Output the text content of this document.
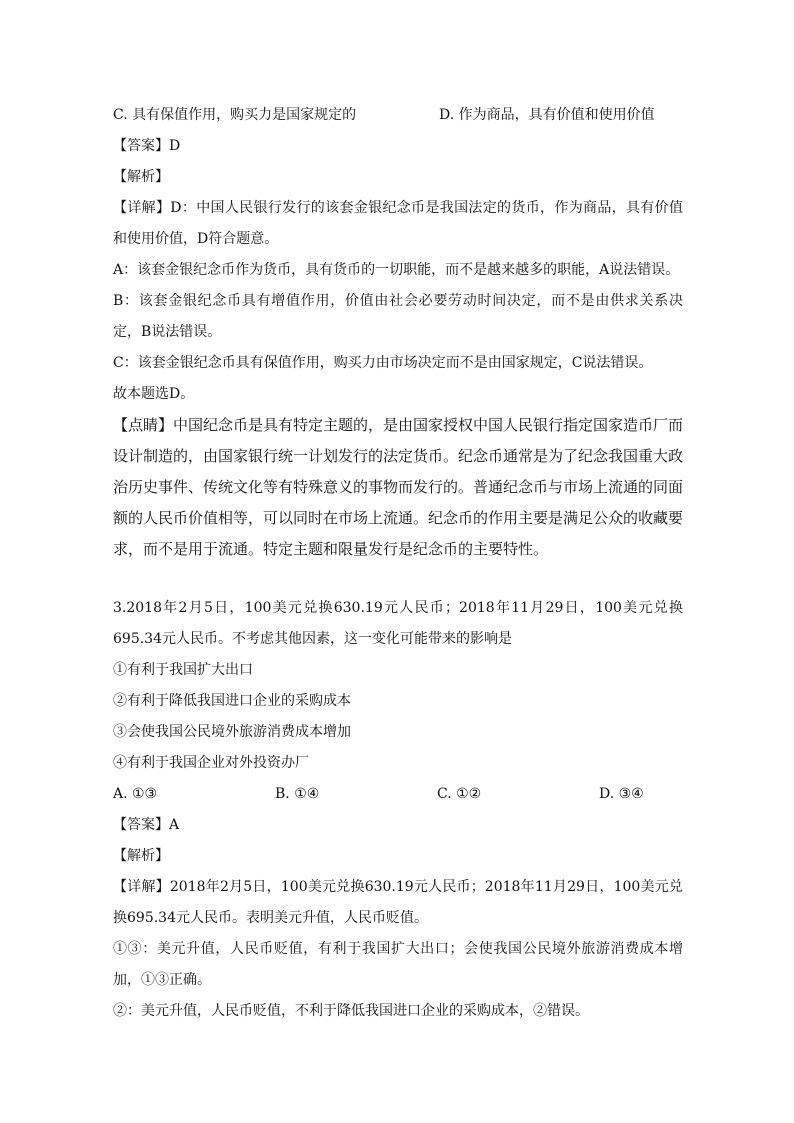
C. 具有保值作用，购买力是国家规定的	D. 作为商品，具有价值和使用价值

【答案】D

【解析】

【详解】D：中国人民银行发行的该套金银纪念币是我国法定的货币，作为商品，具有价值和使用价值，D符合题意。

A：该套金银纪念币作为货币，具有货币的一切职能，而不是越来越多的职能，A说法错误。

B：该套金银纪念币具有增值作用，价值由社会必要劳动时间决定，而不是由供求关系决定，B说法错误。

C：该套金银纪念币具有保值作用，购买力由市场决定而不是由国家规定，C说法错误。

故本题选D。

【点睛】中国纪念币是具有特定主题的，是由国家授权中国人民银行指定国家造币厂而设计制造的，由国家银行统一计划发行的法定货币。纪念币通常是为了纪念我国重大政治历史事件、传统文化等有特殊意义的事物而发行的。普通纪念币与市场上流通的同面额的人民币价值相等，可以同时在市场上流通。纪念币的作用主要是满足公众的收藏要求，而不是用于流通。特定主题和限量发行是纪念币的主要特性。

3.2018年2月5日，100美元兑换630.19元人民币；2018年11月29日，100美元兑换695.34元人民币。不考虑其他因素，这一变化可能带来的影响是

①有利于我国扩大出口

②有利于降低我国进口企业的采购成本

③会使我国公民境外旅游消费成本增加

④有利于我国企业对外投资办厂

A. ①③	B. ①④	C. ①②	D. ③④

【答案】A

【解析】

【详解】2018年2月5日，100美元兑换630.19元人民币；2018年11月29日，100美元兑换695.34元人民币。表明美元升值，人民币贬值。

①③：美元升值，人民币贬值，有利于我国扩大出口；会使我国公民境外旅游消费成本增加，①③正确。

②：美元升值，人民币贬值，不利于降低我国进口企业的采购成本，②错误。
